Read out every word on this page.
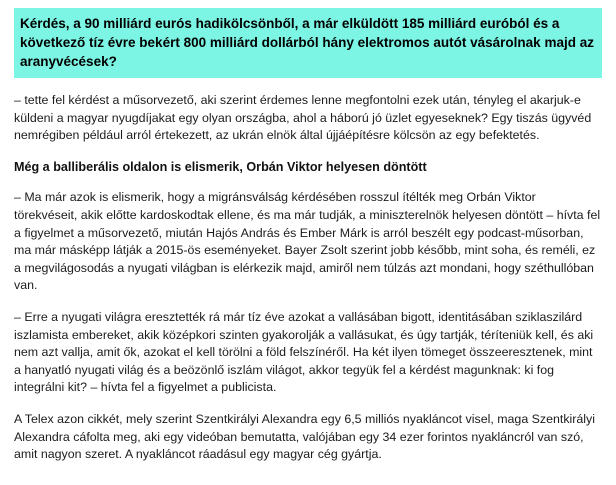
Kérdés, a 90 milliárd eurós hadikölcsönből, a már elküldött 185 milliárd euróból és a következő tíz évre bekért 800 milliárd dollárból hány elektromos autót vásárolnak majd az aranyvécések?

– tette fel kérdést a műsorvezető, aki szerint érdemes lenne megfontolni ezek után, tényleg el akarjuk-e küldeni a magyar nyugdíjakat egy olyan országba, ahol a háború jó üzlet egyeseknek? Egy tiszás ügyvéd nemrégiben például arról értekezett, az ukrán elnök által újjáépítésre kölcsön az egy befektetés.

Még a balliberális oldalon is elismerik, Orbán Viktor helyesen döntött

– Ma már azok is elismerik, hogy a migránsválság kérdésében rosszul ítélték meg Orbán Viktor törekvéseit, akik előtte kardoskodtak ellene, és ma már tudják, a miniszterelnök helyesen döntött – hívta fel a figyelmet a műsorvezető, miután Hajós András és Ember Márk is arról beszélt egy podcast-műsorban, ma már másképp látják a 2015-ös eseményeket. Bayer Zsolt szerint jobb később, mint soha, és reméli, ez a megvilágosodás a nyugati világban is elérkezik majd, amiről nem túlzás azt mondani, hogy széthullóban van.

– Erre a nyugati világra eresztették rá már tíz éve azokat a vallásában bigott, identitásában sziklaszilárd iszlamista embereket, akik középkori szinten gyakorolják a vallásukat, és úgy tartják, téríteniük kell, és aki nem azt vallja, amit ők, azokat el kell törölni a föld felszínéről. Ha két ilyen tömeget összeeresztenek, mint a hanyatló nyugati világ és a beözönlő iszlám világot, akkor tegyük fel a kérdést magunknak: ki fog integrálni kit? – hívta fel a figyelmet a publicista.

A Telex azon cikkét, mely szerint Szentkirályi Alexandra egy 6,5 milliós nyakláncot visel, maga Szentkirályi Alexandra cáfolta meg, aki egy videóban bemutatta, valójában egy 34 ezer forintos nyakláncról van szó, amit nagyon szeret. A nyakláncot ráadásul egy magyar cég gyártja.
